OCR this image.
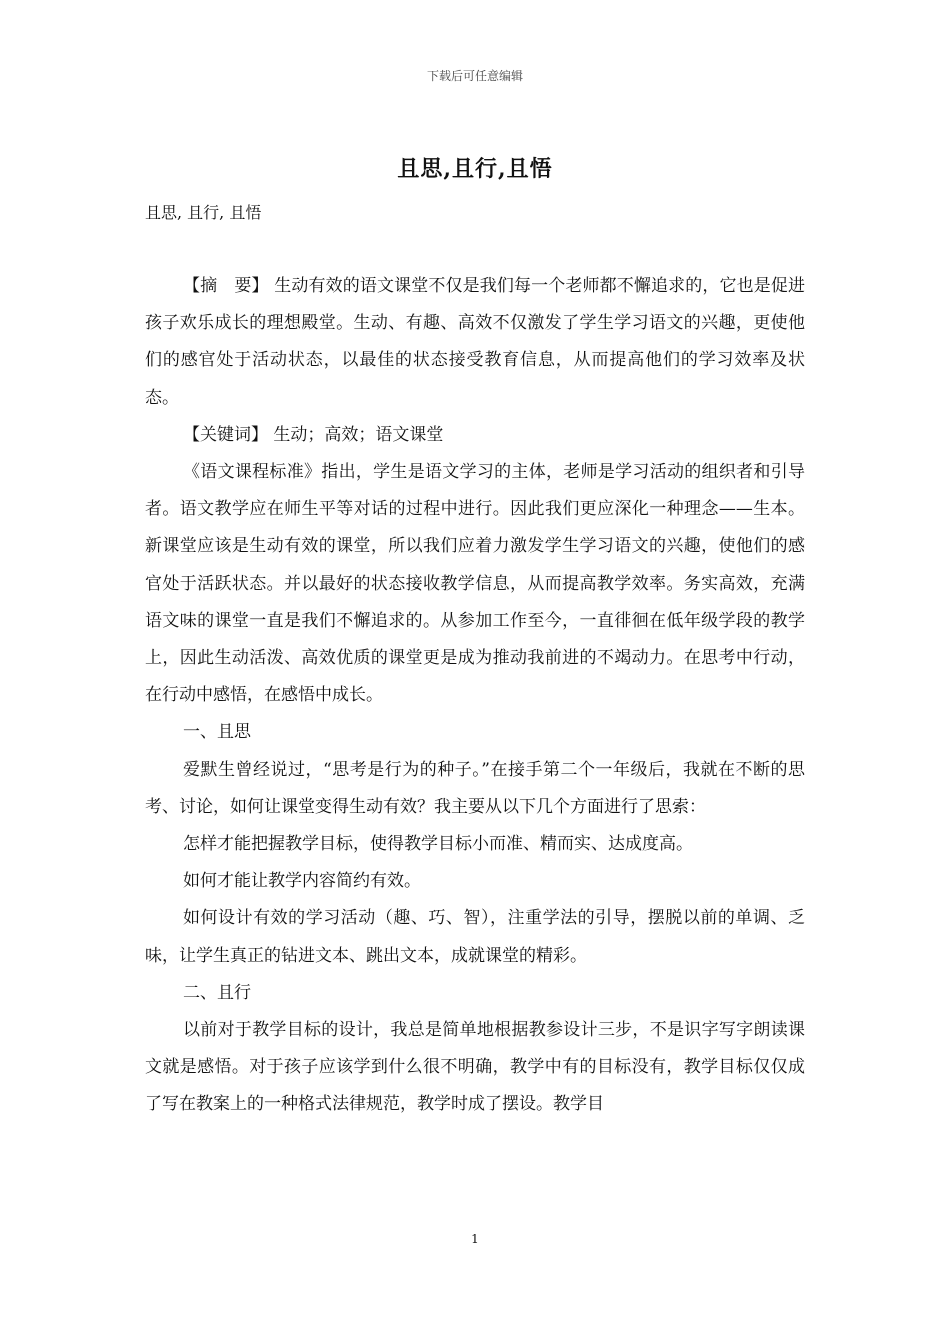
下载后可任意编辑

且思,且行,且悟

且思, 且行, 且悟

【摘　要】 生动有效的语文课堂不仅是我们每一个老师都不懈追求的，它也是促进孩子欢乐成长的理想殿堂。生动、有趣、高效不仅激发了学生学习语文的兴趣，更使他们的感官处于活动状态，以最佳的状态接受教育信息，从而提高他们的学习效率及状态。

【关键词】 生动；高效；语文课堂

《语文课程标准》指出，学生是语文学习的主体，老师是学习活动的组织者和引导者。语文教学应在师生平等对话的过程中进行。因此我们更应深化一种理念——生本。新课堂应该是生动有效的课堂，所以我们应着力激发学生学习语文的兴趣，使他们的感官处于活跃状态。并以最好的状态接收教学信息，从而提高教学效率。务实高效，充满语文味的课堂一直是我们不懈追求的。从参加工作至今，一直徘徊在低年级学段的教学上，因此生动活泼、高效优质的课堂更是成为推动我前进的不竭动力。在思考中行动，在行动中感悟，在感悟中成长。

一、且思

爱默生曾经说过，“思考是行为的种子。”在接手第二个一年级后，我就在不断的思考、讨论，如何让课堂变得生动有效？我主要从以下几个方面进行了思索：

怎样才能把握教学目标，使得教学目标小而准、精而实、达成度高。

如何才能让教学内容简约有效。

如何设计有效的学习活动（趣、巧、智），注重学法的引导，摆脱以前的单调、乏味，让学生真正的钻进文本、跳出文本，成就课堂的精彩。

二、且行

以前对于教学目标的设计，我总是简单地根据教参设计三步，不是识字写字朗读课文就是感悟。对于孩子应该学到什么很不明确，教学中有的目标没有，教学目标仅仅成了写在教案上的一种格式法律规范，教学时成了摆设。教学目

1
